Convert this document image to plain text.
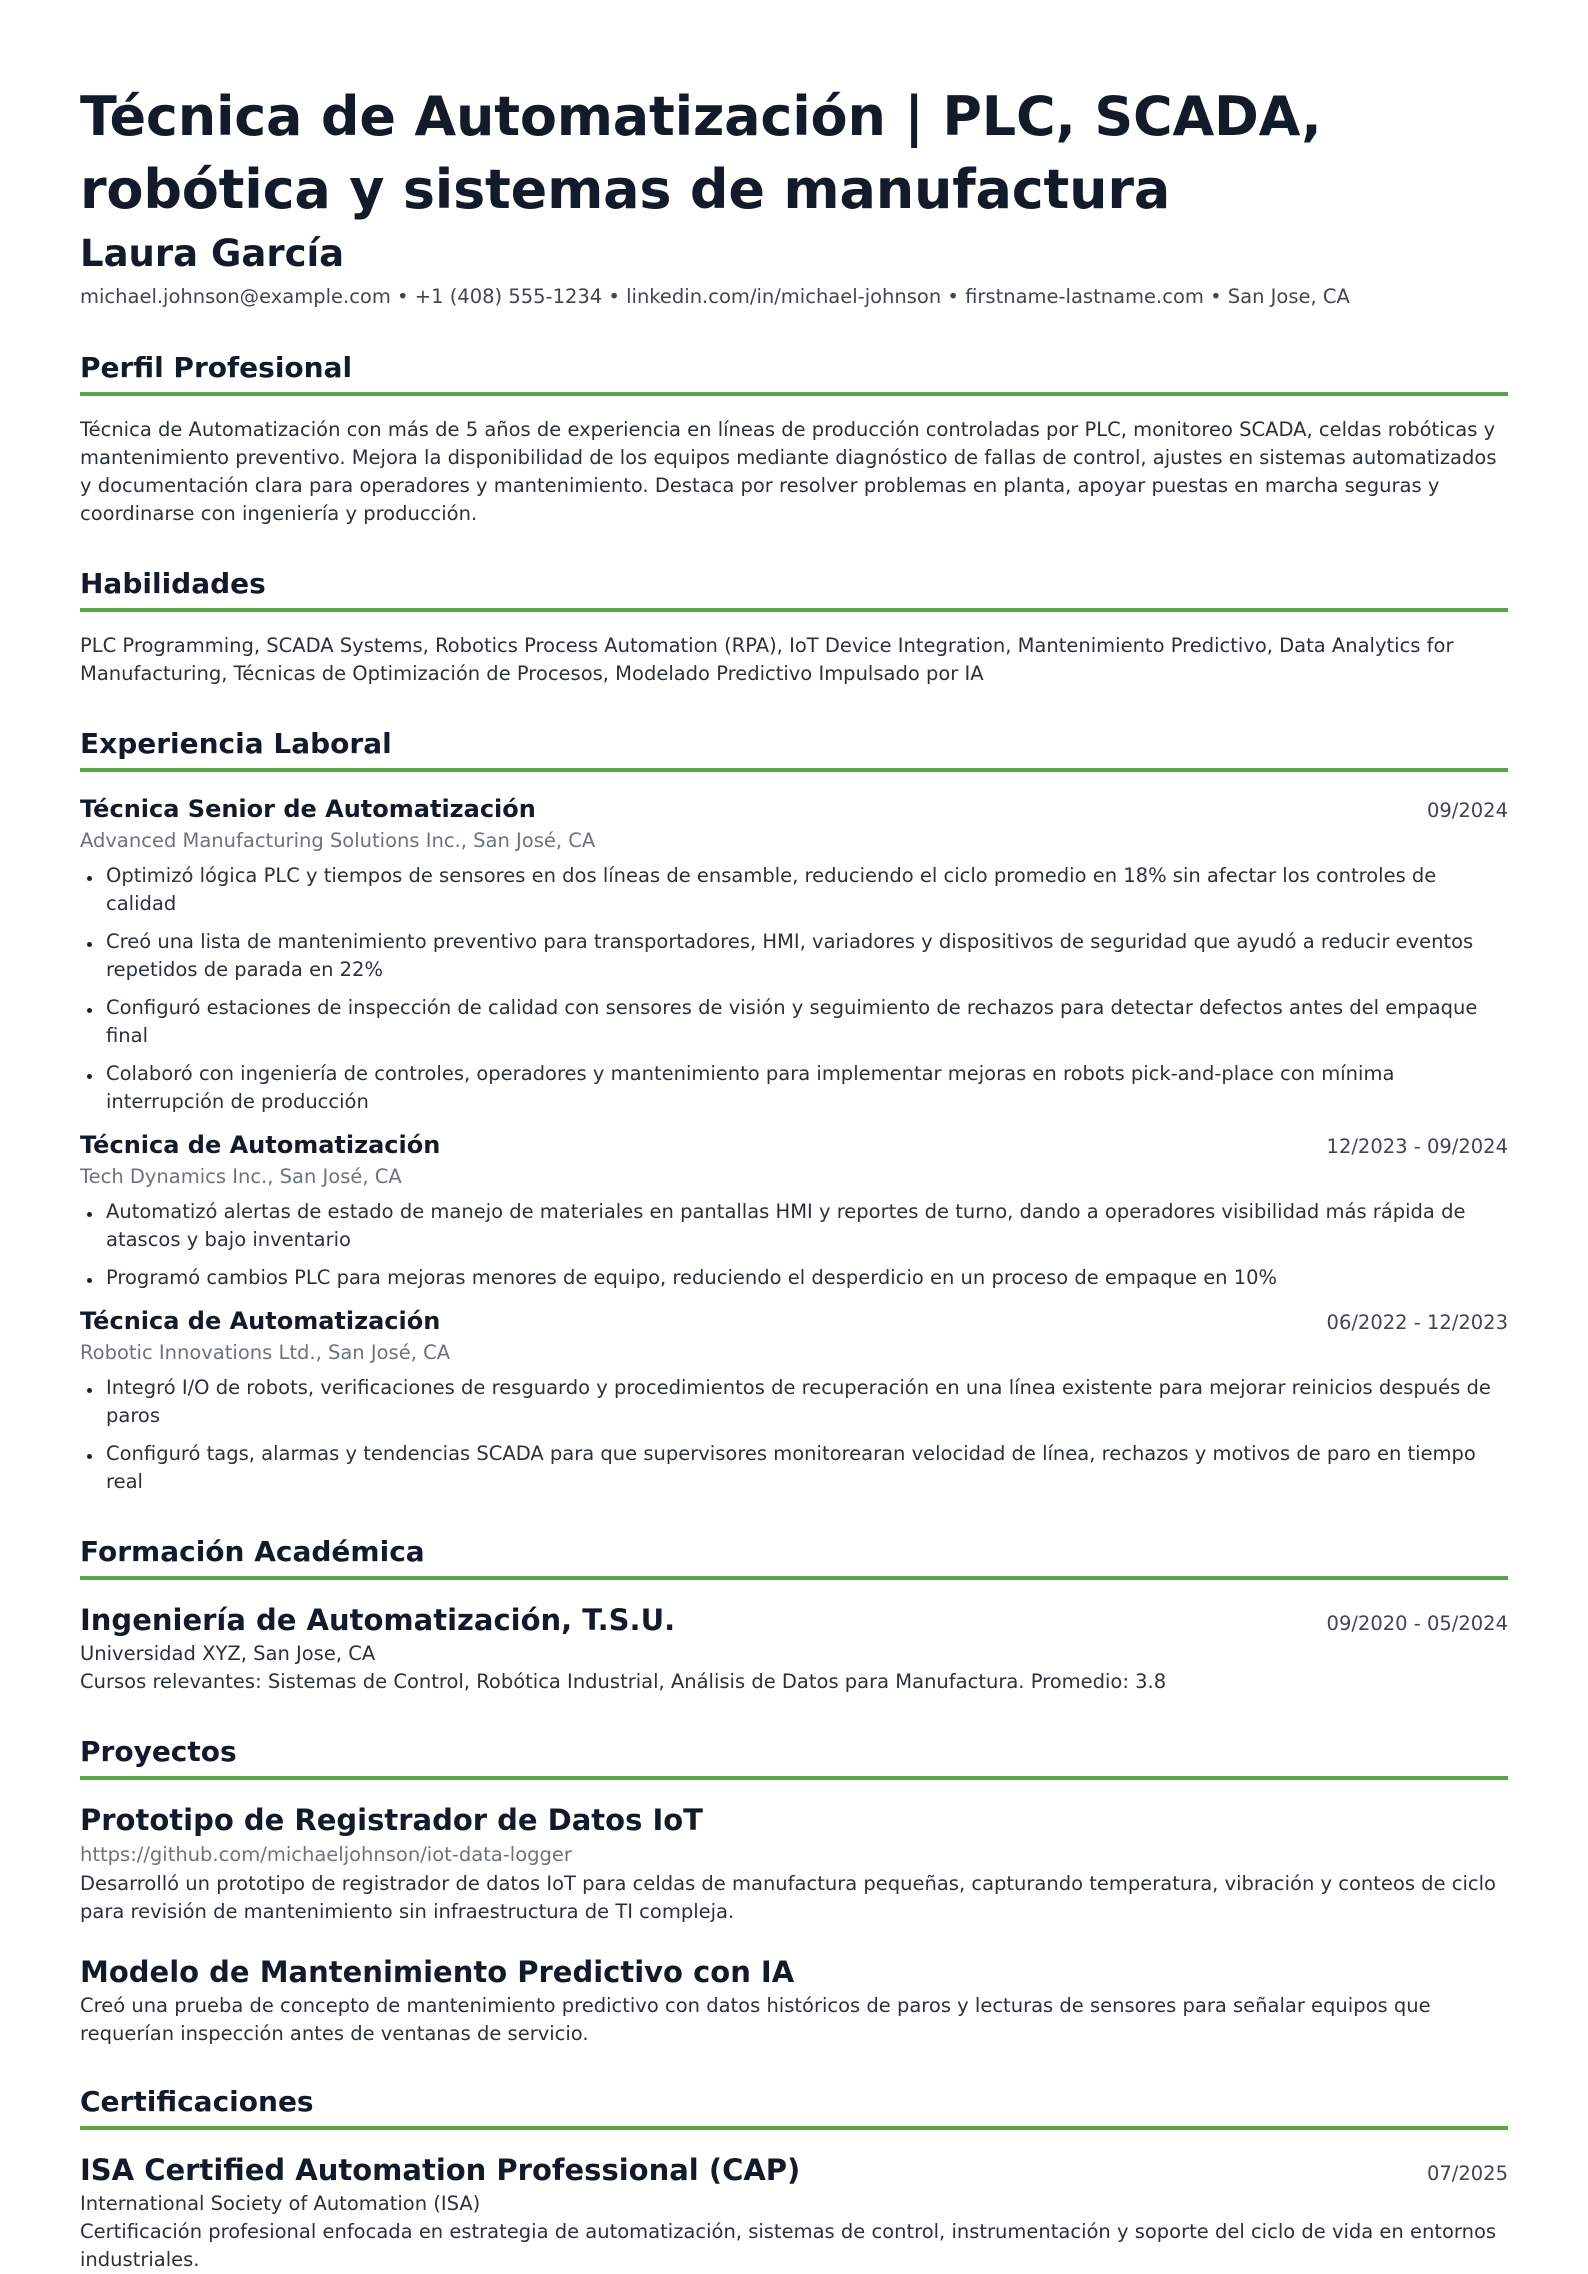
Técnica de Automatización | PLC, SCADA, robótica y sistemas de manufactura
Laura García
michael.johnson@example.com • +1 (408) 555-1234 • linkedin.com/in/michael-johnson • firstname-lastname.com • San Jose, CA
Perfil Profesional
Técnica de Automatización con más de 5 años de experiencia en líneas de producción controladas por PLC, monitoreo SCADA, celdas robóticas y mantenimiento preventivo. Mejora la disponibilidad de los equipos mediante diagnóstico de fallas de control, ajustes en sistemas automatizados y documentación clara para operadores y mantenimiento. Destaca por resolver problemas en planta, apoyar puestas en marcha seguras y coordinarse con ingeniería y producción.
Habilidades
PLC Programming, SCADA Systems, Robotics Process Automation (RPA), IoT Device Integration, Mantenimiento Predictivo, Data Analytics for Manufacturing, Técnicas de Optimización de Procesos, Modelado Predictivo Impulsado por IA
Experiencia Laboral
Técnica Senior de Automatización	09/2024
Advanced Manufacturing Solutions Inc., San José, CA
Optimizó lógica PLC y tiempos de sensores en dos líneas de ensamble, reduciendo el ciclo promedio en 18% sin afectar los controles de calidad
Creó una lista de mantenimiento preventivo para transportadores, HMI, variadores y dispositivos de seguridad que ayudó a reducir eventos repetidos de parada en 22%
Configuró estaciones de inspección de calidad con sensores de visión y seguimiento de rechazos para detectar defectos antes del empaque final
Colaboró con ingeniería de controles, operadores y mantenimiento para implementar mejoras en robots pick-and-place con mínima interrupción de producción
Técnica de Automatización	12/2023 - 09/2024
Tech Dynamics Inc., San José, CA
Automatizó alertas de estado de manejo de materiales en pantallas HMI y reportes de turno, dando a operadores visibilidad más rápida de atascos y bajo inventario
Programó cambios PLC para mejoras menores de equipo, reduciendo el desperdicio en un proceso de empaque en 10%
Técnica de Automatización	06/2022 - 12/2023
Robotic Innovations Ltd., San José, CA
Integró I/O de robots, verificaciones de resguardo y procedimientos de recuperación en una línea existente para mejorar reinicios después de paros
Configuró tags, alarmas y tendencias SCADA para que supervisores monitorearan velocidad de línea, rechazos y motivos de paro en tiempo real
Formación Académica
Ingeniería de Automatización, T.S.U.	09/2020 - 05/2024
Universidad XYZ, San Jose, CA
Cursos relevantes: Sistemas de Control, Robótica Industrial, Análisis de Datos para Manufactura. Promedio: 3.8
Proyectos
Prototipo de Registrador de Datos IoT
https://github.com/michaeljohnson/iot-data-logger
Desarrolló un prototipo de registrador de datos IoT para celdas de manufactura pequeñas, capturando temperatura, vibración y conteos de ciclo para revisión de mantenimiento sin infraestructura de TI compleja.
Modelo de Mantenimiento Predictivo con IA
Creó una prueba de concepto de mantenimiento predictivo con datos históricos de paros y lecturas de sensores para señalar equipos que requerían inspección antes de ventanas de servicio.
Certificaciones
ISA Certified Automation Professional (CAP)	07/2025
International Society of Automation (ISA)
Certificación profesional enfocada en estrategia de automatización, sistemas de control, instrumentación y soporte del ciclo de vida en entornos industriales.
